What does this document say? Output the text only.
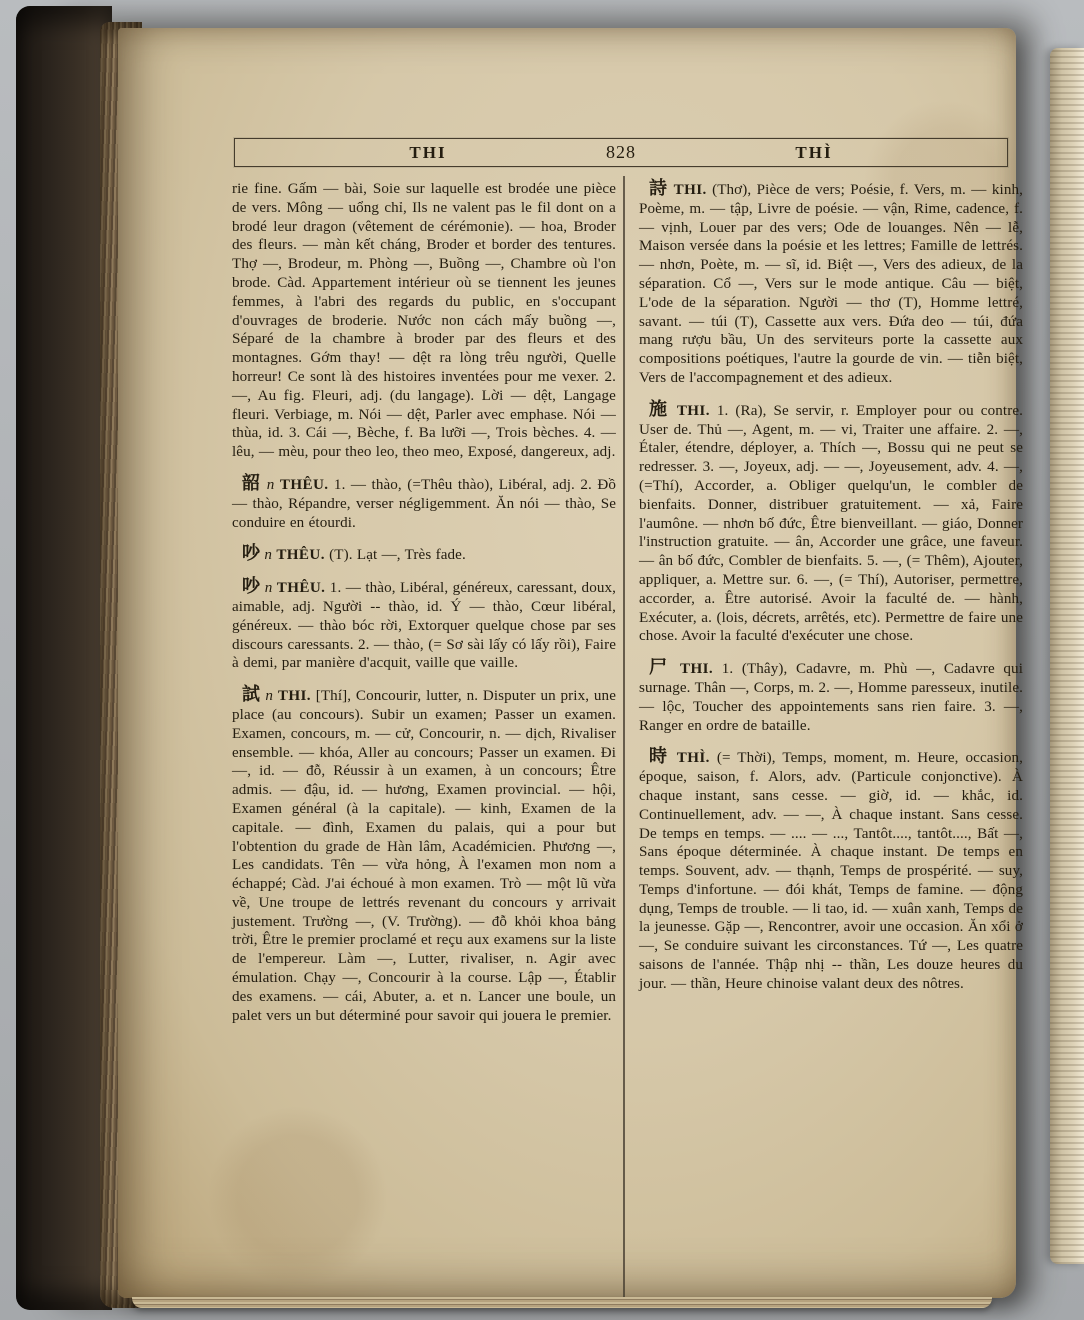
THI	THÌ
828

rie fine. Gấm — bài, Soie sur laquelle est brodée une pièce de vers. Mông — uổng chỉ, Ils ne valent pas le fil dont on a brodé leur dragon (vêtement de cérémonie). — hoa, Broder des fleurs. — màn kết cháng, Broder et border des tentures. Thợ —, Brodeur, m. Phòng —, Buồng —, Chambre où l'on brode. Càd. Appartement intérieur où se tiennent les jeunes femmes, à l'abri des regards du public, en s'occupant d'ouvrages de broderie. Nước non cách mấy buồng —, Séparé de la chambre à broder par des fleurs et des montagnes. Gớm thay! — dệt ra lòng trêu người, Quelle horreur! Ce sont là des histoires inventées pour me vexer. 2. —, Au fig. Fleuri, adj. (du langage). Lời — dệt, Langage fleuri. Verbiage, m. Nói — dệt, Parler avec emphase. Nói — thùa, id. 3. Cái —, Bèche, f. Ba lưỡi —, Trois bèches. 4. — lêu, — mèu, pour theo leo, theo meo, Exposé, dangereux, adj.

韶 n THÊU. 1. — thào, (=Thêu thào), Libéral, adj. 2. Đồ — thào, Répandre, verser négligemment. Ăn nói — thào, Se conduire en étourdi.

吵 n THÊU. (T). Lạt —, Très fade.

吵 n THÊU. 1. — thào, Libéral, généreux, caressant, doux, aimable, adj. Người -- thào, id. Ý — thào, Cœur libéral, généreux. — thào bóc rời, Extorquer quelque chose par ses discours caressants. 2. — thào, (= Sơ sài lấy có lấy rồi), Faire à demi, par manière d'acquit, vaille que vaille.

試 n THI. [Thí], Concourir, lutter, n. Disputer un prix, une place (au concours). Subir un examen; Passer un examen. Examen, concours, m. — cử, Concourir, n. — dịch, Rivaliser ensemble. — khóa, Aller au concours; Passer un examen. Đi —, id. — đỗ, Réussir à un examen, à un concours; Être admis. — đậu, id. — hương, Examen provincial. — hội, Examen général (à la capitale). — kinh, Examen de la capitale. — đình, Examen du palais, qui a pour but l'obtention du grade de Hàn lâm, Académicien. Phương —, Les candidats. Tên — vừa hỏng, À l'examen mon nom a échappé; Càd. J'ai échoué à mon examen. Trò — một lũ vừa về, Une troupe de lettrés revenant du concours y arrivait justement. Trường —, (V. Trường). — đỗ khỏi khoa bảng trời, Être le premier proclamé et reçu aux examens sur la liste de l'empereur. Làm —, Lutter, rivaliser, n. Agir avec émulation. Chạy —, Concourir à la course. Lập —, Établir des examens. — cái, Abuter, a. et n. Lancer une boule, un palet vers un but déterminé pour savoir qui jouera le premier.

詩 THI. (Thơ), Pièce de vers; Poésie, f. Vers, m. — kinh, Poème, m. — tập, Livre de poésie. — vận, Rime, cadence, f. — vịnh, Louer par des vers; Ode de louanges. Nên — lễ, Maison versée dans la poésie et les lettres; Famille de lettrés. — nhơn, Poète, m. — sĩ, id. Biệt —, Vers des adieux, de la séparation. Cổ —, Vers sur le mode antique. Câu — biệt, L'ode de la séparation. Người — thơ (T), Homme lettré, savant. — túi (T), Cassette aux vers. Đứa deo — túi, đứa mang rượu bầu, Un des serviteurs porte la cassette aux compositions poétiques, l'autre la gourde de vin. — tiễn biệt, Vers de l'accompagnement et des adieux.

施 THI. 1. (Ra), Se servir, r. Employer pour ou contre. User de. Thủ —, Agent, m. — vi, Traiter une affaire. 2. —, Étaler, étendre, déployer, a. Thích —, Bossu qui ne peut se redresser. 3. —, Joyeux, adj. — —, Joyeusement, adv. 4. —, (=Thí), Accorder, a. Obliger quelqu'un, le combler de bienfaits. Donner, distribuer gratuitement. — xả, Faire l'aumône. — nhơn bố đức, Être bienveillant. — giáo, Donner l'instruction gratuite. — ân, Accorder une grâce, une faveur. — ân bố đức, Combler de bienfaits. 5. —, (= Thêm), Ajouter, appliquer, a. Mettre sur. 6. —, (= Thí), Autoriser, permettre, accorder, a. Être autorisé. Avoir la faculté de. — hành, Exécuter, a. (lois, décrets, arrêtés, etc). Permettre de faire une chose. Avoir la faculté d'exécuter une chose.

尸 THI. 1. (Thây), Cadavre, m. Phù —, Cadavre qui surnage. Thân —, Corps, m. 2. —, Homme paresseux, inutile. — lộc, Toucher des appointements sans rien faire. 3. —, Ranger en ordre de bataille.

時 THÌ. (= Thời), Temps, moment, m. Heure, occasion, époque, saison, f. Alors, adv. (Particule conjonctive). À chaque instant, sans cesse. — giờ, id. — khắc, id. Continuellement, adv. — —, À chaque instant. Sans cesse. De temps en temps. — .... — ..., Tantôt...., tantôt...., Bất —, Sans époque déterminée. À chaque instant. De temps en temps. Souvent, adv. — thạnh, Temps de prospérité. — suy, Temps d'infortune. — đói khát, Temps de famine. — động dụng, Temps de trouble. — li tao, id. — xuân xanh, Temps de la jeunesse. Gặp —, Rencontrer, avoir une occasion. Ăn xổi ở —, Se conduire suivant les circonstances. Tứ —, Les quatre saisons de l'année. Thập nhị -- thần, Les douze heures du jour. — thần, Heure chinoise valant deux des nôtres.
